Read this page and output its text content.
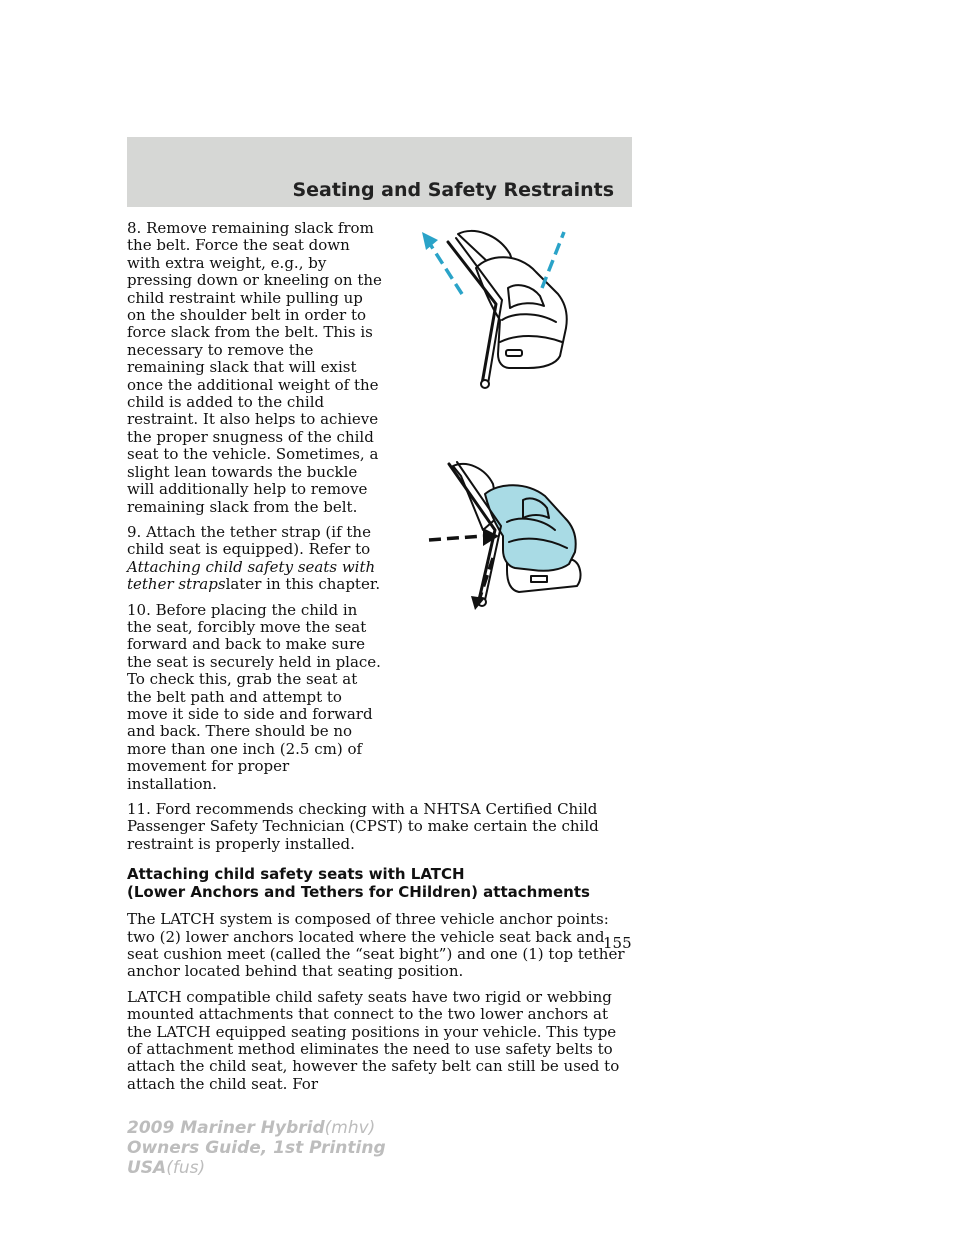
Seating and Safety Restraints

8. Remove remaining slack from the belt. Force the seat down with extra weight, e.g., by pressing down or kneeling on the child restraint while pulling up on the shoulder belt in order to force slack from the belt. This is necessary to remove the remaining slack that will exist once the additional weight of the child is added to the child restraint. It also helps to achieve the proper snugness of the child seat to the vehicle. Sometimes, a slight lean towards the buckle will additionally help to remove remaining slack from the belt.

9. Attach the tether strap (if the child seat is equipped). Refer to Attaching child safety seats with tether strapslater in this chapter.

10. Before placing the child in the seat, forcibly move the seat forward and back to make sure the seat is securely held in place. To check this, grab the seat at the belt path and attempt to move it side to side and forward and back. There should be no more than one inch (2.5 cm) of movement for proper installation.

11. Ford recommends checking with a NHTSA Certified Child Passenger Safety Technician (CPST) to make certain the child restraint is properly installed.

Attaching child safety seats with LATCH
(Lower Anchors and Tethers for CHildren) attachments

The LATCH system is composed of three vehicle anchor points: two (2) lower anchors located where the vehicle seat back and seat cushion meet (called the “seat bight”) and one (1) top tether anchor located behind that seating position.

LATCH compatible child safety seats have two rigid or webbing mounted attachments that connect to the two lower anchors at the LATCH equipped seating positions in your vehicle. This type of attachment method eliminates the need to use safety belts to attach the child seat, however the safety belt can still be used to attach the child seat. For

155
2009 Mariner Hybrid(mhv)
Owners Guide, 1st Printing
USA(fus)
